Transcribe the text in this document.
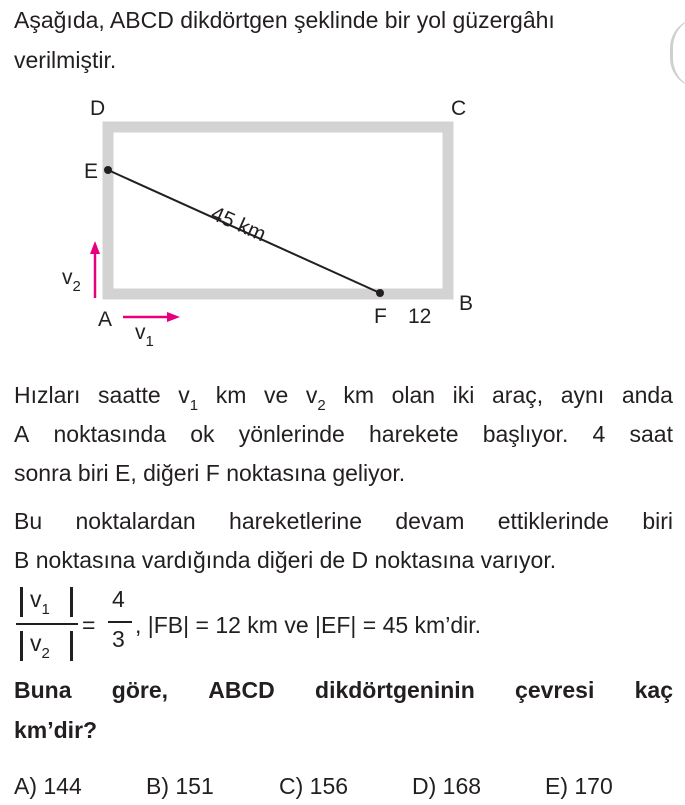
Aşağıda, ABCD dikdörtgen şeklinde bir yol güzergâhı
verilmiştir.
D	C
E
A	F 12
B
45 km
$v_2$
$v_1$
Hızları saatte $v_1$ km ve $v_2$ km olan iki araç, aynı anda
A noktasında ok yönlerinde harekete başlıyor. 4 saat
sonra biri E, diğeri F noktasına geliyor.
Bu noktalardan hareketlerine devam ettiklerinde biri
B noktasına vardığında diğeri de D noktasına varıyor.
$v_1$
$v_2$
=
4
3
, |FB| = 12 km ve |EF| = 45 km’dir.
Buna göre, ABCD dikdörtgeninin çevresi kaç
km’dir?
A) 144	B) 151	C) 156	D) 168	E) 170
